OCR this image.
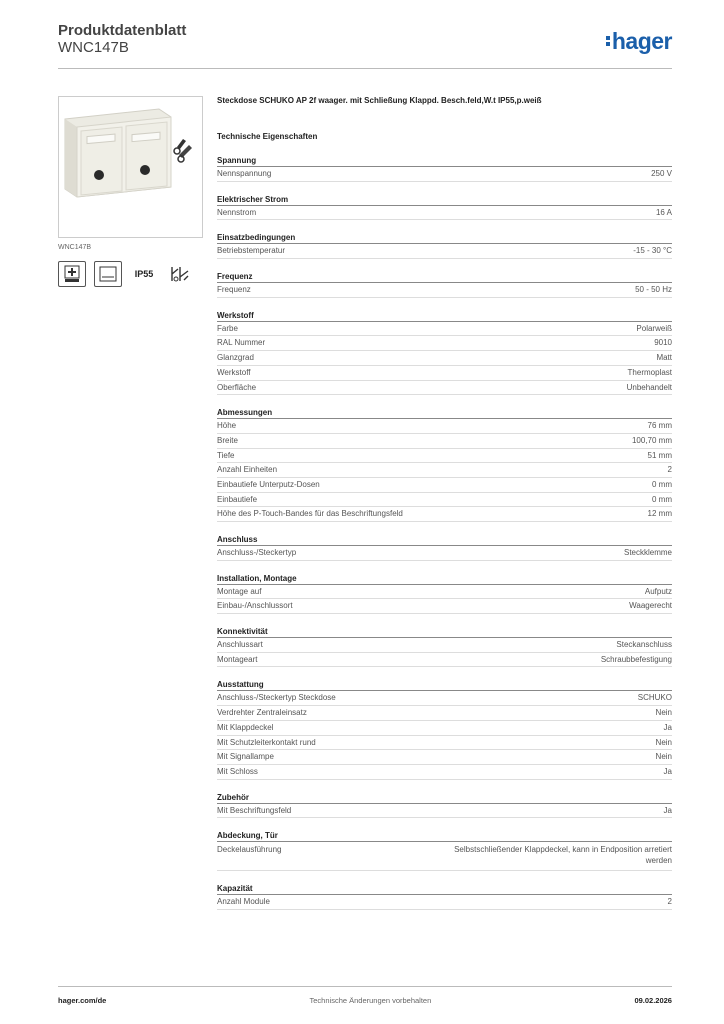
Produktdatenblatt
WNC147B	hager
WNC147B
IP55
Steckdose SCHUKO AP 2f waager. mit Schließung Klappd. Besch.feld,W.t IP55,p.weiß
Technische Eigenschaften
Spannung
Nennspannung	250 V
Elektrischer Strom
Nennstrom	16 A
Einsatzbedingungen
Betriebstemperatur	-15 - 30 °C
Frequenz
Frequenz	50 - 50 Hz
Werkstoff
Farbe	Polarweiß
RAL Nummer	9010
Glanzgrad	Matt
Werkstoff	Thermoplast
Oberfläche	Unbehandelt
Abmessungen
Höhe	76 mm
Breite	100,70 mm
Tiefe	51 mm
Anzahl Einheiten	2
Einbautiefe Unterputz-Dosen	0 mm
Einbautiefe	0 mm
Höhe des P-Touch-Bandes für das Beschriftungsfeld	12 mm
Anschluss
Anschluss-/Steckertyp	Steckklemme
Installation, Montage
Montage auf	Aufputz
Einbau-/Anschlussort	Waagerecht
Konnektivität
Anschlussart	Steckanschluss
Montageart	Schraubbefestigung
Ausstattung
Anschluss-/Steckertyp Steckdose	SCHUKO
Verdrehter Zentraleinsatz	Nein
Mit Klappdeckel	Ja
Mit Schutzleiterkontakt rund	Nein
Mit Signallampe	Nein
Mit Schloss	Ja
Zubehör
Mit Beschriftungsfeld	Ja
Abdeckung, Tür
Deckelausführung	Selbstschließender Klappdeckel, kann in Endposition arretiert werden
Kapazität
Anzahl Module	2
hager.com/de	Technische Änderungen vorbehalten	09.02.2026
